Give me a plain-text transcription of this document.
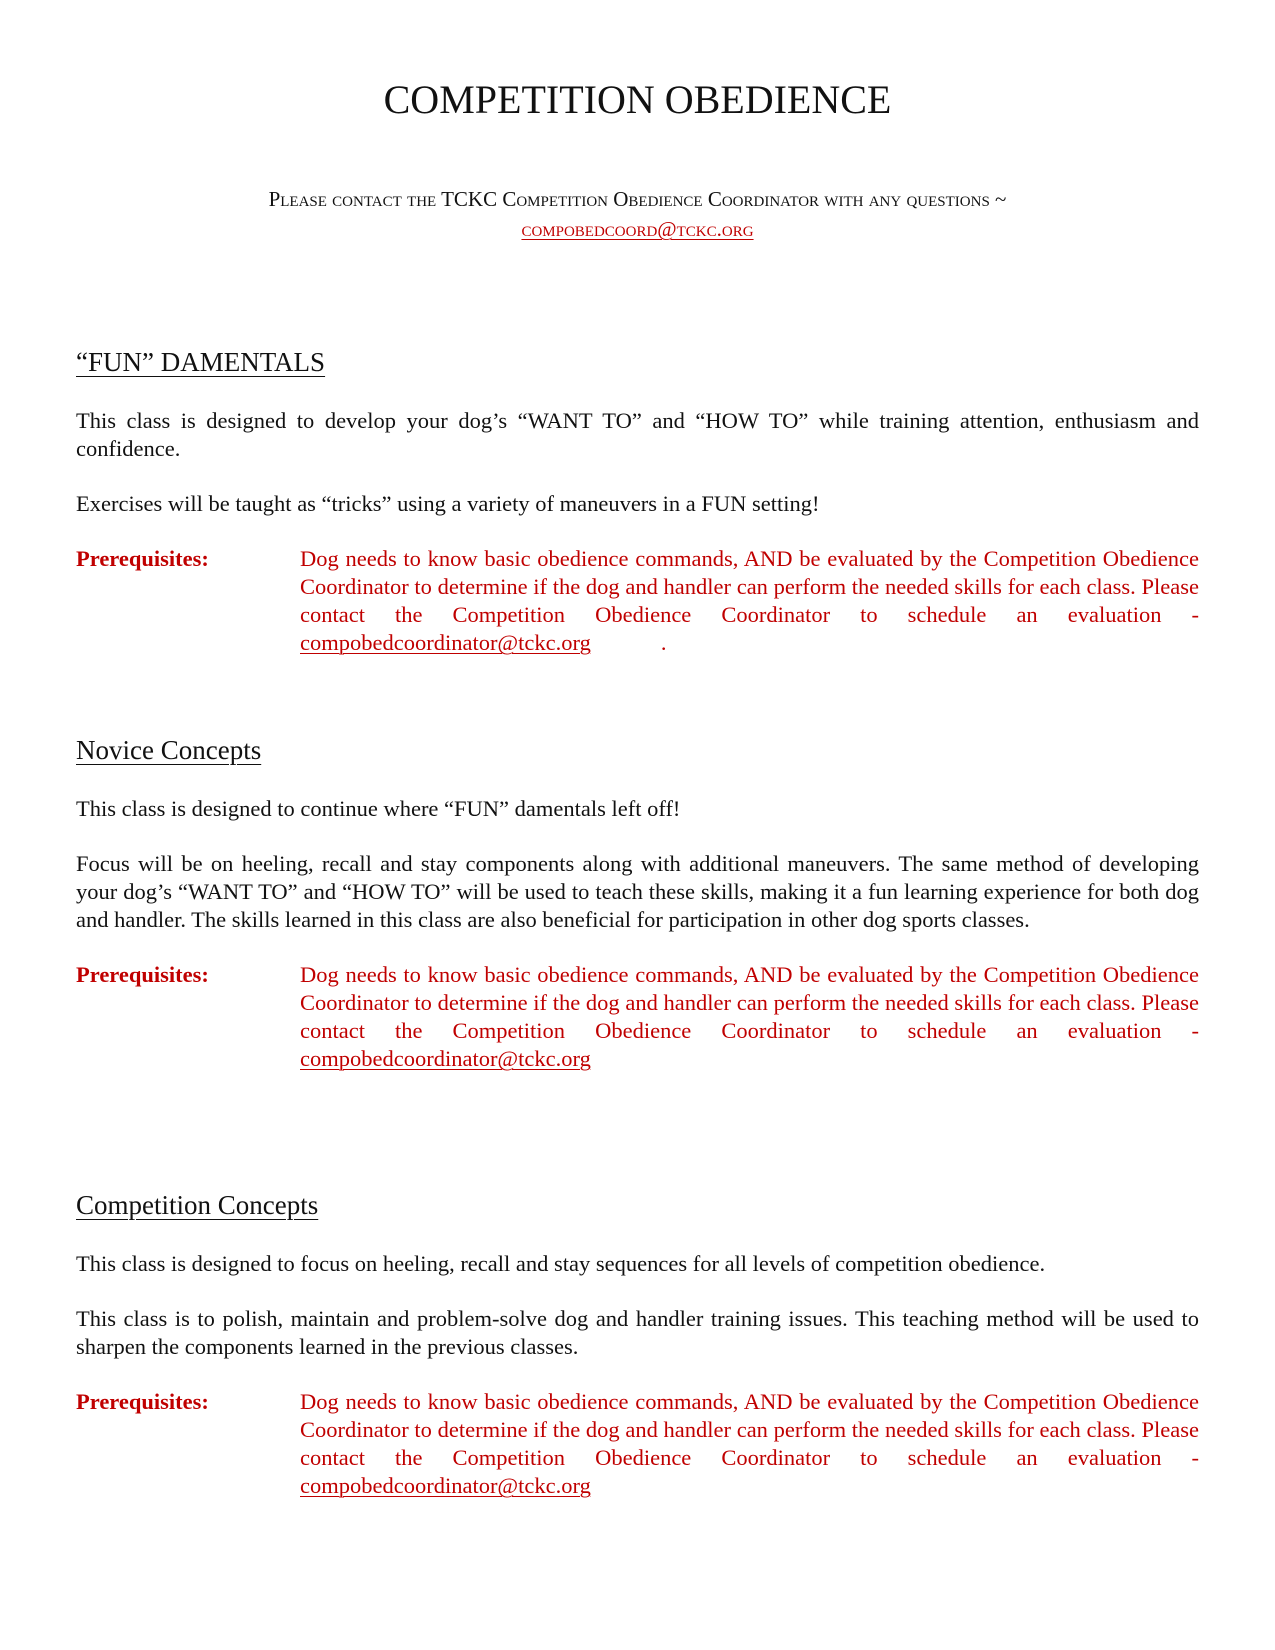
COMPETITION OBEDIENCE
Please contact the TCKC Competition Obedience Coordinator with any questions ~
compobedcoord@tckc.org
“FUN” DAMENTALS

This class is designed to develop your dog’s “WANT TO” and “HOW TO” while training attention, enthusiasm and confidence.

Exercises will be taught as “tricks” using a variety of maneuvers in a FUN setting!

Prerequisites:	Dog needs to know basic obedience commands, AND be evaluated by the Competition Obedience Coordinator to determine if the dog and handler can perform the needed skills for each class. Please contact the Competition Obedience Coordinator to schedule an evaluation - compobedcoordinator@tckc.org	.
Novice Concepts

This class is designed to continue where “FUN” damentals left off!

Focus will be on heeling, recall and stay components along with additional maneuvers. The same method of developing your dog’s “WANT TO” and “HOW TO” will be used to teach these skills, making it a fun learning experience for both dog and handler. The skills learned in this class are also beneficial for participation in other dog sports classes.

Prerequisites:	Dog needs to know basic obedience commands, AND be evaluated by the Competition Obedience Coordinator to determine if the dog and handler can perform the needed skills for each class. Please contact the Competition Obedience Coordinator to schedule an evaluation - compobedcoordinator@tckc.org
Competition Concepts

This class is designed to focus on heeling, recall and stay sequences for all levels of competition obedience.

This class is to polish, maintain and problem-solve dog and handler training issues. This teaching method will be used to sharpen the components learned in the previous classes.

Prerequisites:	Dog needs to know basic obedience commands, AND be evaluated by the Competition Obedience Coordinator to determine if the dog and handler can perform the needed skills for each class. Please contact the Competition Obedience Coordinator to schedule an evaluation - compobedcoordinator@tckc.org
